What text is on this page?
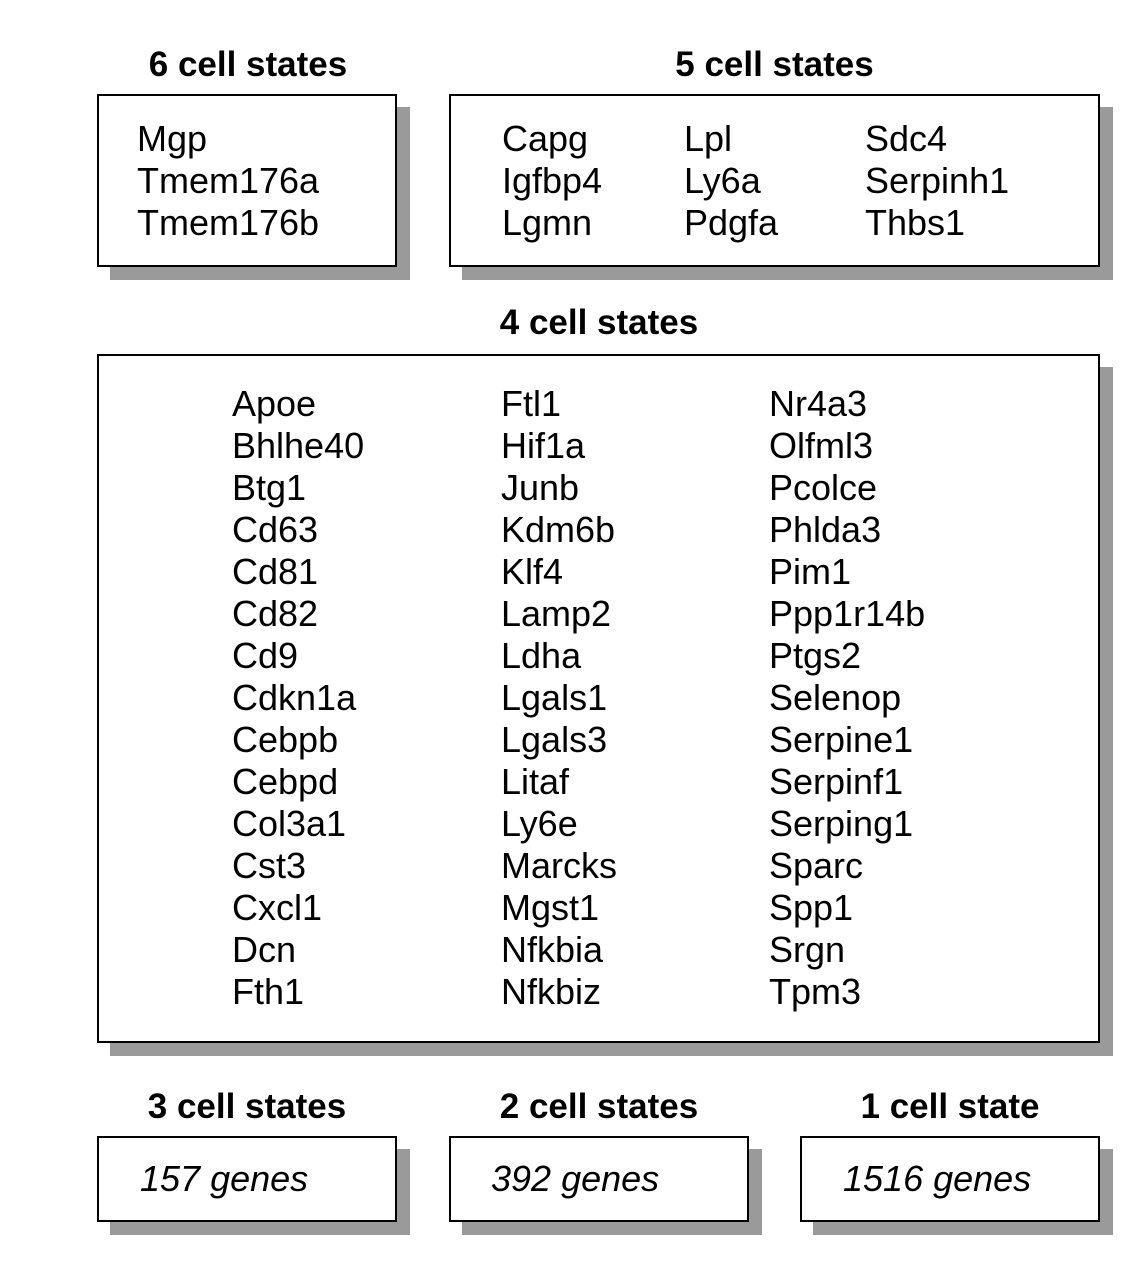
6 cell states
Mgp
Tmem176a
Tmem176b
5 cell states
Capg
Igfbp4
Lgmn
Lpl
Ly6a
Pdgfa
Sdc4
Serpinh1
Thbs1
4 cell states
Apoe
Bhlhe40
Btg1
Cd63
Cd81
Cd82
Cd9
Cdkn1a
Cebpb
Cebpd
Col3a1
Cst3
Cxcl1
Dcn
Fth1
Ftl1
Hif1a
Junb
Kdm6b
Klf4
Lamp2
Ldha
Lgals1
Lgals3
Litaf
Ly6e
Marcks
Mgst1
Nfkbia
Nfkbiz
Nr4a3
Olfml3
Pcolce
Phlda3
Pim1
Ppp1r14b
Ptgs2
Selenop
Serpine1
Serpinf1
Serping1
Sparc
Spp1
Srgn
Tpm3
3 cell states
157 genes
2 cell states
392 genes
1 cell state
1516 genes
